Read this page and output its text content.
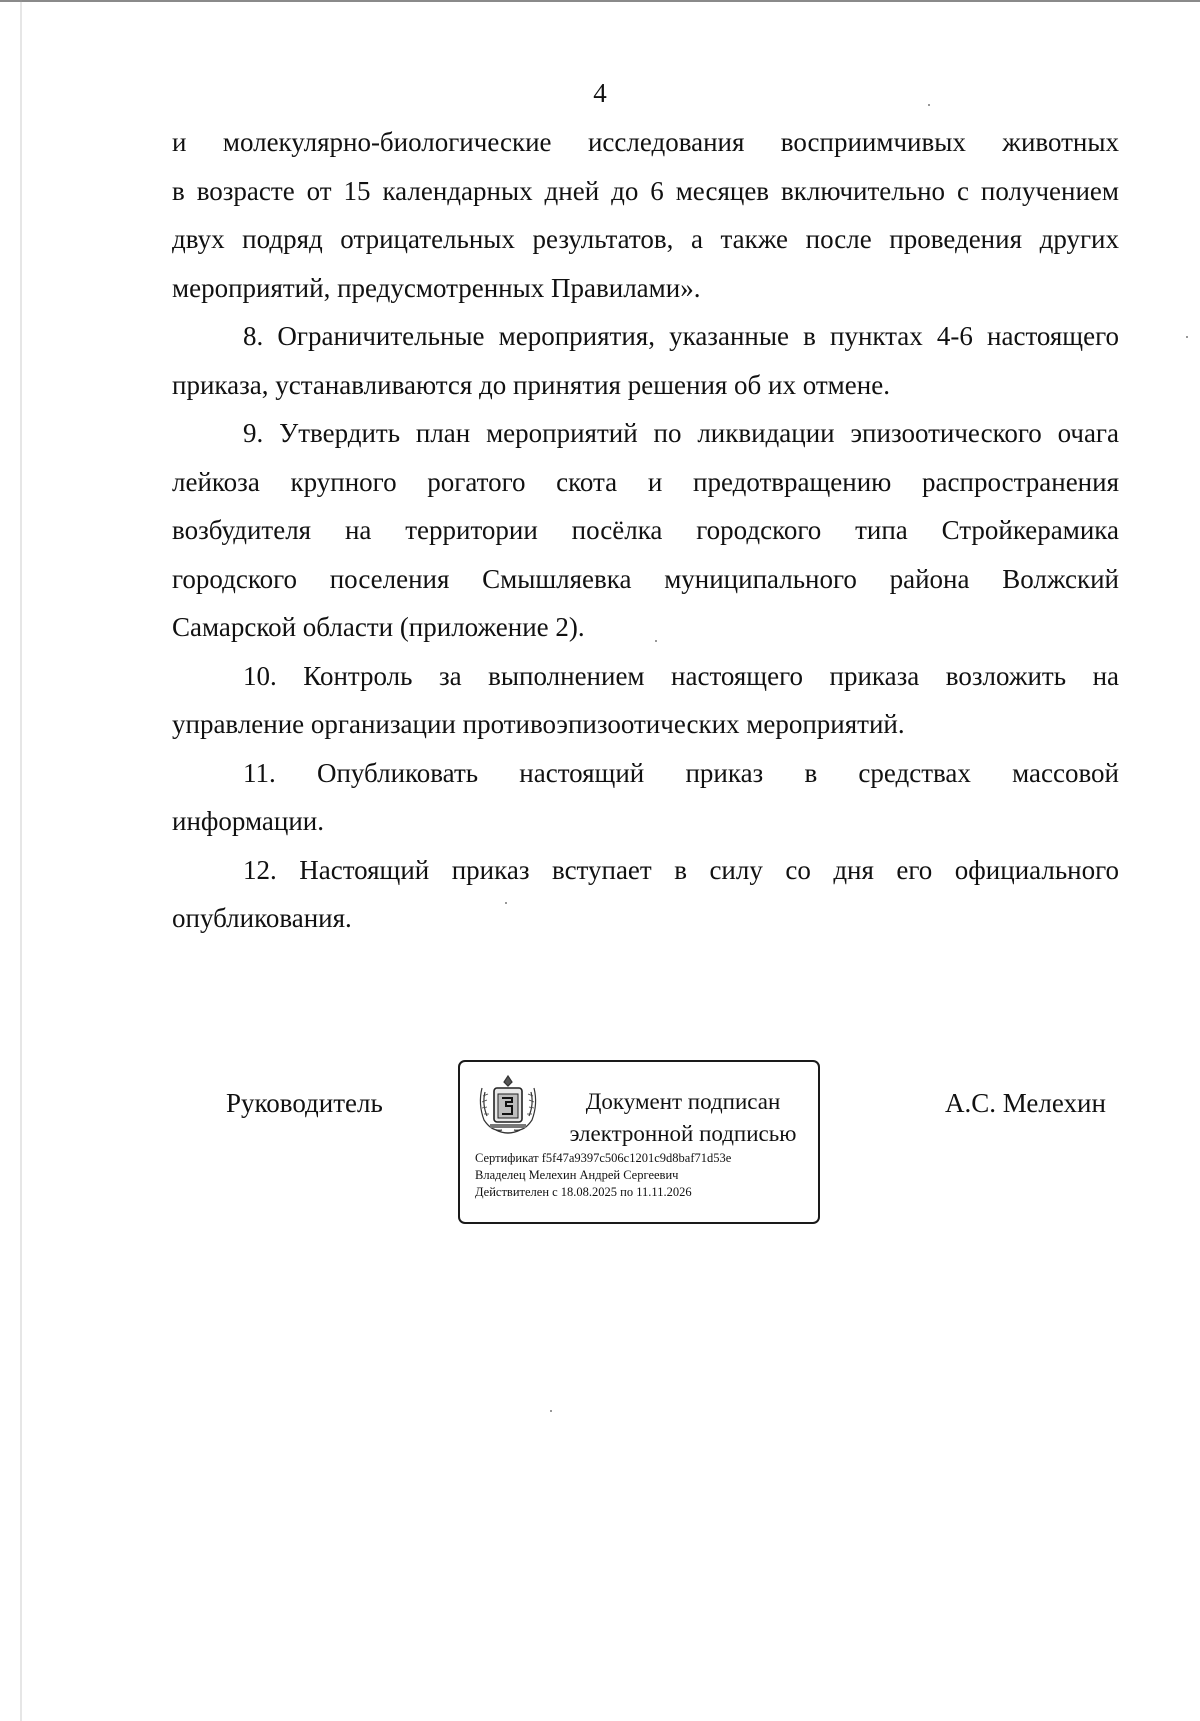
4
и молекулярно-биологические исследования восприимчивых животных
в возрасте от 15 календарных дней до 6 месяцев включительно с получением
двух подряд отрицательных результатов, а также после проведения других
мероприятий, предусмотренных Правилами».
8. Ограничительные мероприятия, указанные в пунктах 4-6 настоящего
приказа, устанавливаются до принятия решения об их отмене.
9. Утвердить план мероприятий по ликвидации эпизоотического очага
лейкоза крупного рогатого скота и предотвращению распространения
возбудителя на территории посёлка городского типа Стройкерамика
городского поселения Смышляевка муниципального района Волжский
Самарской области (приложение 2).
10. Контроль за выполнением настоящего приказа возложить на
управление организации противоэпизоотических мероприятий.
11. Опубликовать настоящий приказ в средствах массовой
информации.
12. Настоящий приказ вступает в силу со дня его официального
опубликования.
Руководитель	Документ подписан
электронной подписью
Сертификат f5f47a9397c506c1201c9d8baf71d53e
Владелец Мелехин Андрей Сергеевич
Действителен с 18.08.2025 по 11.11.2026
А.С. Мелехин
